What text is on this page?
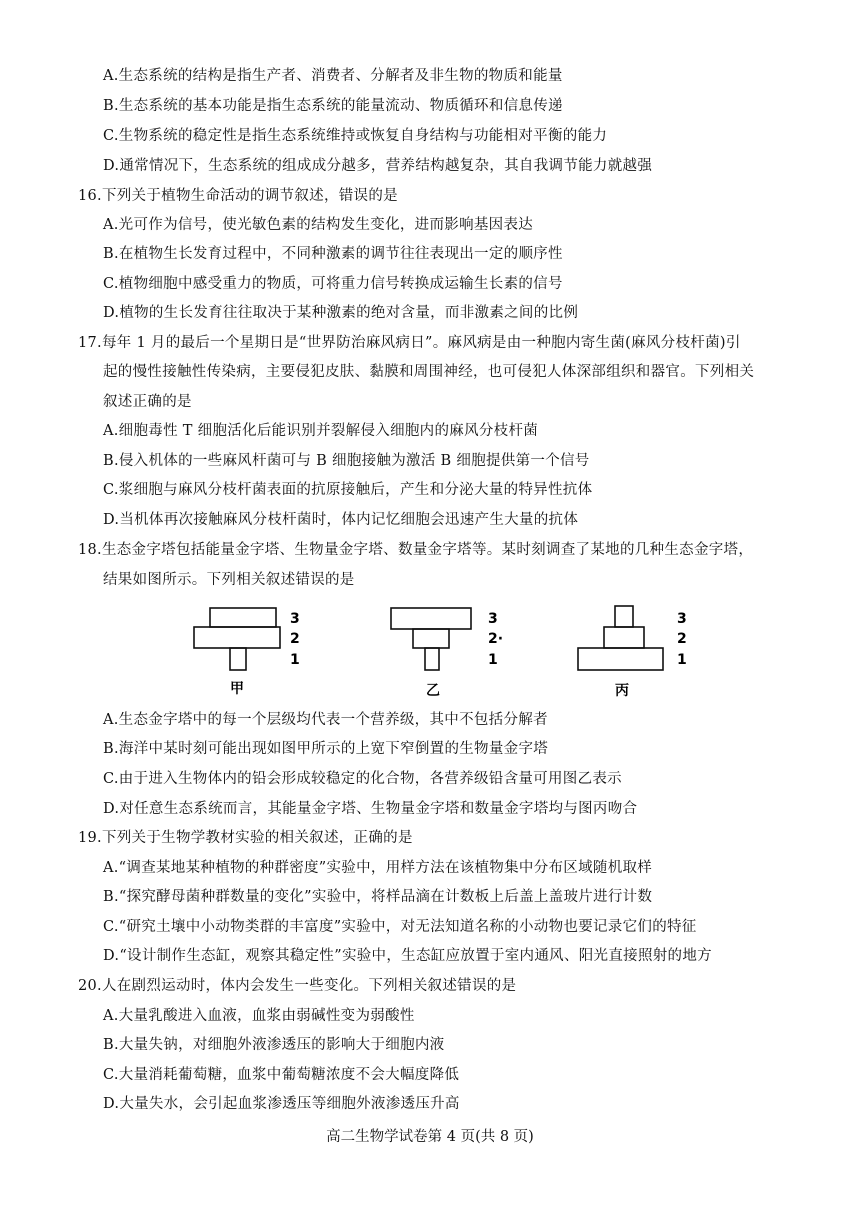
A.生态系统的结构是指生产者、消费者、分解者及非生物的物质和能量
B.生态系统的基本功能是指生态系统的能量流动、物质循环和信息传递
C.生物系统的稳定性是指生态系统维持或恢复自身结构与功能相对平衡的能力
D.通常情况下，生态系统的组成成分越多，营养结构越复杂，其自我调节能力就越强
16.下列关于植物生命活动的调节叙述，错误的是
A.光可作为信号，使光敏色素的结构发生变化，进而影响基因表达
B.在植物生长发育过程中，不同种激素的调节往往表现出一定的顺序性
C.植物细胞中感受重力的物质，可将重力信号转换成运输生长素的信号
D.植物的生长发育往往取决于某种激素的绝对含量，而非激素之间的比例
17.每年 1 月的最后一个星期日是“世界防治麻风病日”。麻风病是由一种胞内寄生菌(麻风分枝杆菌)引
起的慢性接触性传染病，主要侵犯皮肤、黏膜和周围神经，也可侵犯人体深部组织和器官。下列相关
叙述正确的是
A.细胞毒性 T 细胞活化后能识别并裂解侵入细胞内的麻风分枝杆菌
B.侵入机体的一些麻风杆菌可与 B 细胞接触为激活 B 细胞提供第一个信号
C.浆细胞与麻风分枝杆菌表面的抗原接触后，产生和分泌大量的特异性抗体
D.当机体再次接触麻风分枝杆菌时，体内记忆细胞会迅速产生大量的抗体
18.生态金字塔包括能量金字塔、生物量金字塔、数量金字塔等。某时刻调查了某地的几种生态金字塔，
结果如图所示。下列相关叙述错误的是
3
2
1
3
2·
1
3
2
1
甲	乙	丙
A.生态金字塔中的每一个层级均代表一个营养级，其中不包括分解者
B.海洋中某时刻可能出现如图甲所示的上宽下窄倒置的生物量金字塔
C.由于进入生物体内的铅会形成较稳定的化合物，各营养级铅含量可用图乙表示
D.对任意生态系统而言，其能量金字塔、生物量金字塔和数量金字塔均与图丙吻合
19.下列关于生物学教材实验的相关叙述，正确的是
A.“调查某地某种植物的种群密度”实验中，用样方法在该植物集中分布区域随机取样
B.“探究酵母菌种群数量的变化”实验中，将样品滴在计数板上后盖上盖玻片进行计数
C.“研究土壤中小动物类群的丰富度”实验中，对无法知道名称的小动物也要记录它们的特征
D.“设计制作生态缸，观察其稳定性”实验中，生态缸应放置于室内通风、阳光直接照射的地方
20.人在剧烈运动时，体内会发生一些变化。下列相关叙述错误的是
A.大量乳酸进入血液，血浆由弱碱性变为弱酸性
B.大量失钠，对细胞外液渗透压的影响大于细胞内液
C.大量消耗葡萄糖，血浆中葡萄糖浓度不会大幅度降低
D.大量失水，会引起血浆渗透压等细胞外液渗透压升高
高二生物学试卷第 4 页(共 8 页)
